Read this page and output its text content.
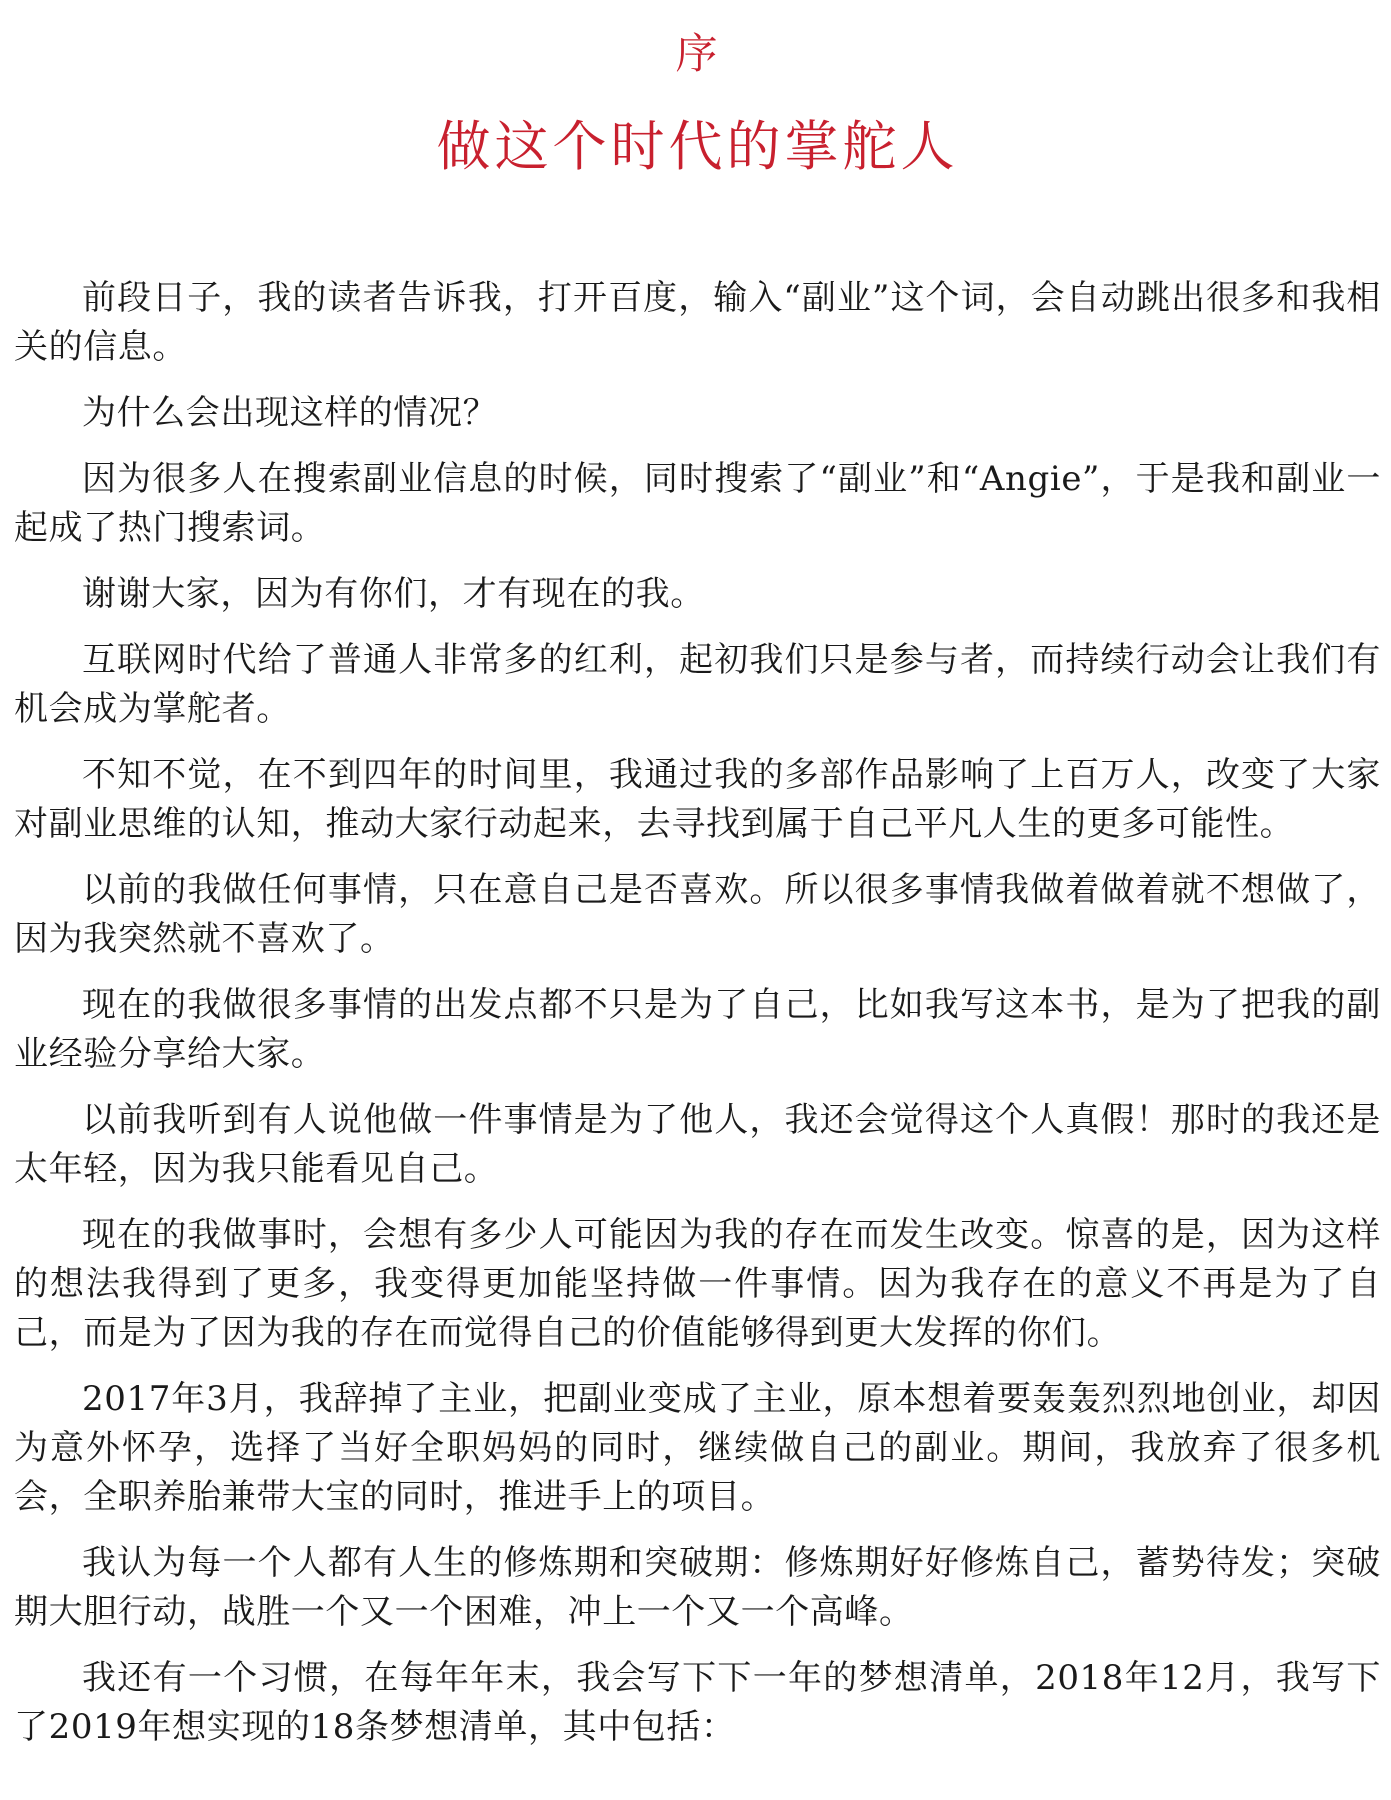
序
做这个时代的掌舵人

前段日子，我的读者告诉我，打开百度，输入“副业”这个词，会自动跳出很多和我相关的信息。

为什么会出现这样的情况？

因为很多人在搜索副业信息的时候，同时搜索了“副业”和“Angie”，于是我和副业一起成了热门搜索词。

谢谢大家，因为有你们，才有现在的我。

互联网时代给了普通人非常多的红利，起初我们只是参与者，而持续行动会让我们有机会成为掌舵者。

不知不觉，在不到四年的时间里，我通过我的多部作品影响了上百万人，改变了大家对副业思维的认知，推动大家行动起来，去寻找到属于自己平凡人生的更多可能性。

以前的我做任何事情，只在意自己是否喜欢。所以很多事情我做着做着就不想做了，因为我突然就不喜欢了。

现在的我做很多事情的出发点都不只是为了自己，比如我写这本书，是为了把我的副业经验分享给大家。

以前我听到有人说他做一件事情是为了他人，我还会觉得这个人真假！那时的我还是太年轻，因为我只能看见自己。

现在的我做事时，会想有多少人可能因为我的存在而发生改变。惊喜的是，因为这样的想法我得到了更多，我变得更加能坚持做一件事情。因为我存在的意义不再是为了自己，而是为了因为我的存在而觉得自己的价值能够得到更大发挥的你们。

2017年3月，我辞掉了主业，把副业变成了主业，原本想着要轰轰烈烈地创业，却因为意外怀孕，选择了当好全职妈妈的同时，继续做自己的副业。期间，我放弃了很多机会，全职养胎兼带大宝的同时，推进手上的项目。

我认为每一个人都有人生的修炼期和突破期：修炼期好好修炼自己，蓄势待发；突破期大胆行动，战胜一个又一个困难，冲上一个又一个高峰。

我还有一个习惯，在每年年末，我会写下下一年的梦想清单，2018年12月，我写下了2019年想实现的18条梦想清单，其中包括：
